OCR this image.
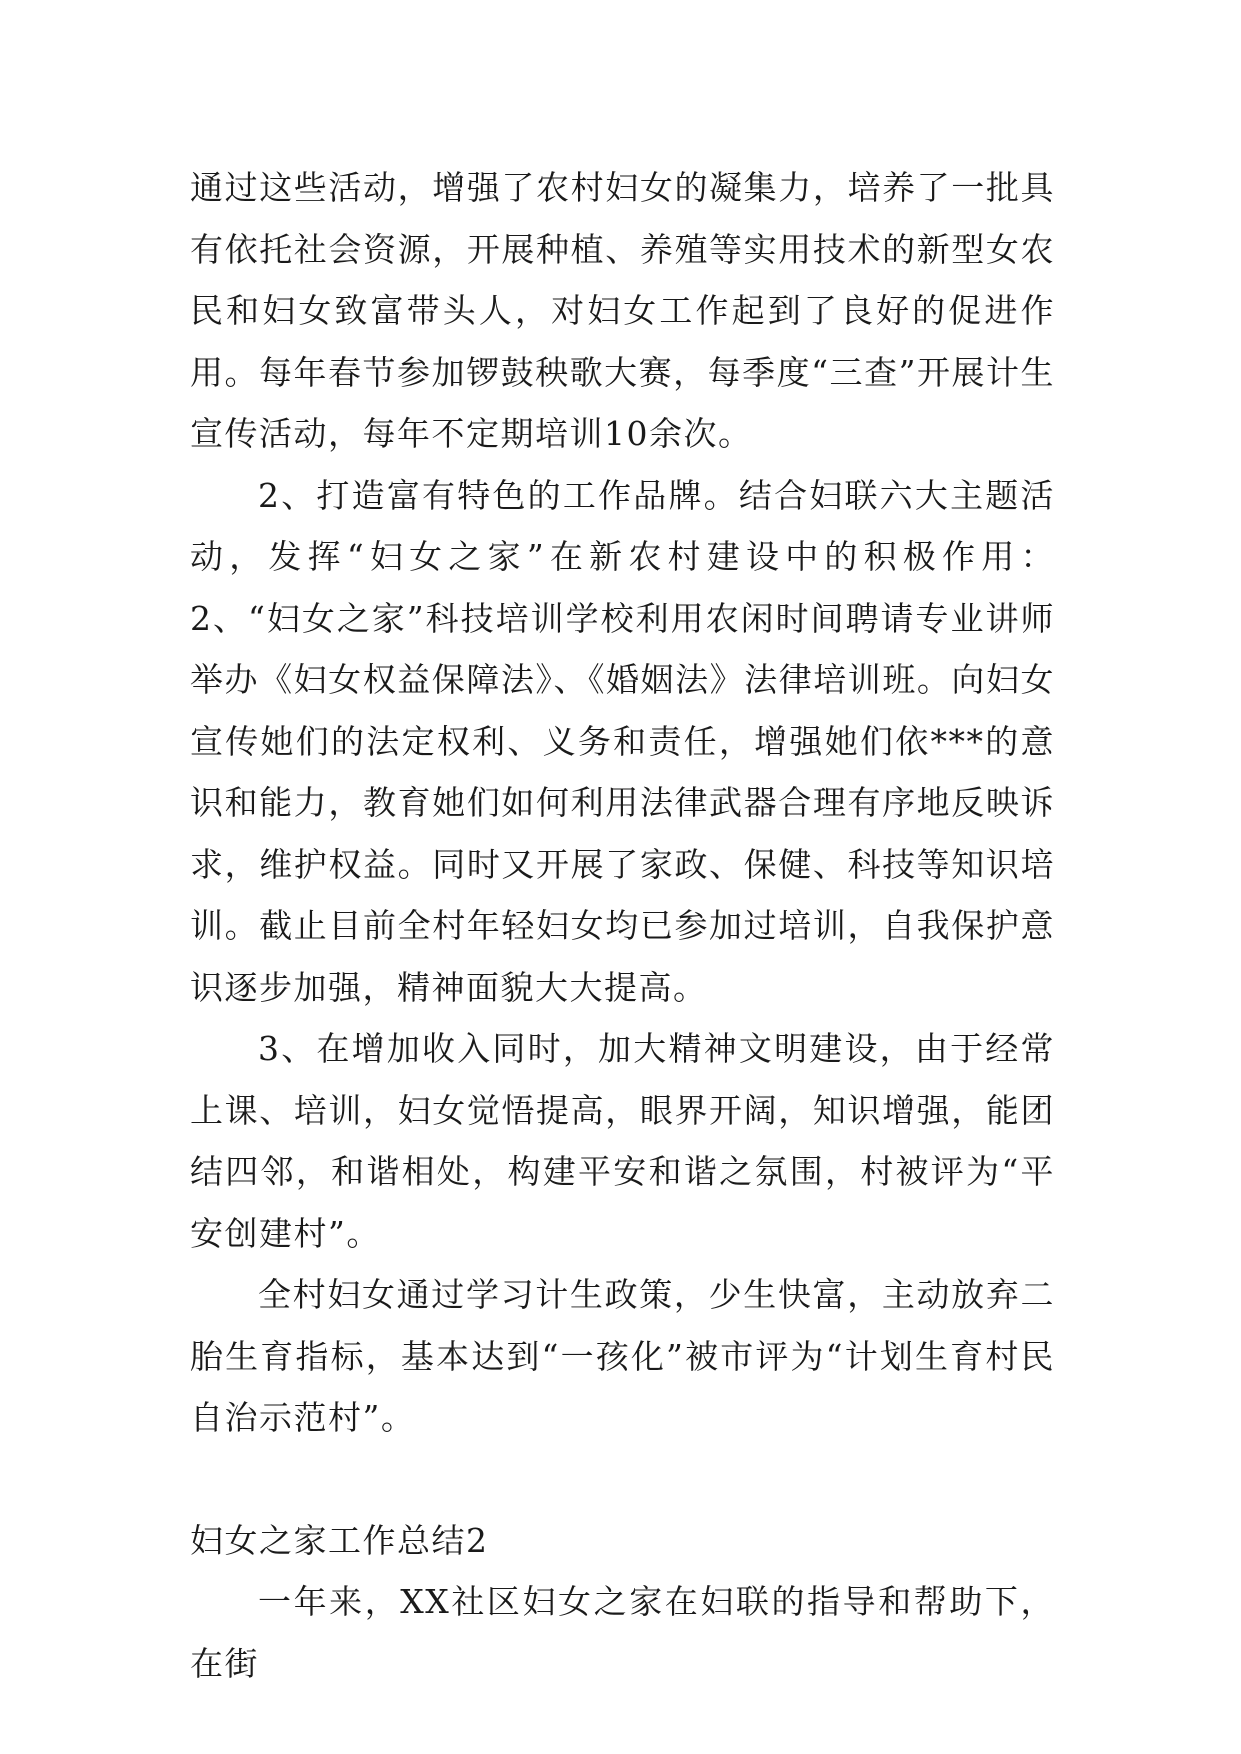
通过这些活动，增强了农村妇女的凝集力，培养了一批具有依托社会资源，开展种植、养殖等实用技术的新型女农民和妇女致富带头人，对妇女工作起到了良好的促进作用。每年春节参加锣鼓秧歌大赛，每季度“三查”开展计生宣传活动，每年不定期培训10余次。

2、打造富有特色的工作品牌。结合妇联六大主题活动，发挥“妇女之家”在新农村建设中的积极作用： 2、“妇女之家”科技培训学校利用农闲时间聘请专业讲师举办《妇女权益保障法》、《婚姻法》法律培训班。向妇女宣传她们的法定权利、义务和责任，增强她们依***的意识和能力，教育她们如何利用法律武器合理有序地反映诉求，维护权益。同时又开展了家政、保健、科技等知识培训。截止目前全村年轻妇女均已参加过培训，自我保护意识逐步加强，精神面貌大大提高。

3、在增加收入同时，加大精神文明建设，由于经常上课、培训，妇女觉悟提高，眼界开阔，知识增强，能团结四邻，和谐相处，构建平安和谐之氛围，村被评为“平安创建村”。

全村妇女通过学习计生政策，少生快富，主动放弃二胎生育指标，基本达到“一孩化”被市评为“计划生育村民自治示范村”。

妇女之家工作总结2

一年来，XX社区妇女之家在妇联的指导和帮助下，在街
